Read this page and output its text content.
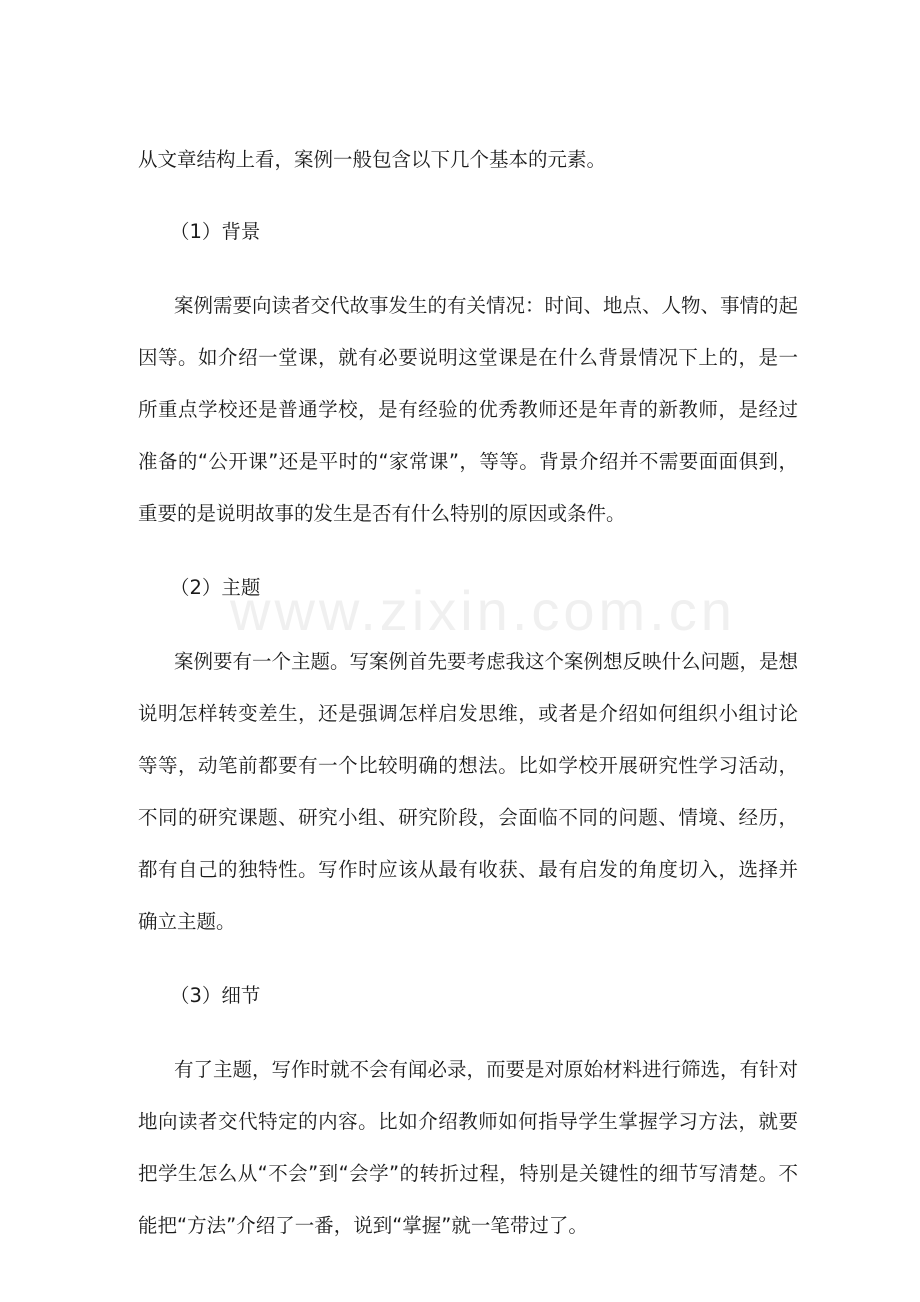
www.zixin.com.cn

从文章结构上看，案例一般包含以下几个基本的元素。

（1）背景

案例需要向读者交代故事发生的有关情况：时间、地点、人物、事情的起因等。如介绍一堂课，就有必要说明这堂课是在什么背景情况下上的，是一所重点学校还是普通学校，是有经验的优秀教师还是年青的新教师，是经过准备的“公开课”还是平时的“家常课”，等等。背景介绍并不需要面面俱到，重要的是说明故事的发生是否有什么特别的原因或条件。

（2）主题

案例要有一个主题。写案例首先要考虑我这个案例想反映什么问题，是想说明怎样转变差生，还是强调怎样启发思维，或者是介绍如何组织小组讨论等等，动笔前都要有一个比较明确的想法。比如学校开展研究性学习活动，不同的研究课题、研究小组、研究阶段，会面临不同的问题、情境、经历，都有自己的独特性。写作时应该从最有收获、最有启发的角度切入，选择并确立主题。

（3）细节

有了主题，写作时就不会有闻必录，而要是对原始材料进行筛选，有针对地向读者交代特定的内容。比如介绍教师如何指导学生掌握学习方法，就要把学生怎么从“不会”到“会学”的转折过程，特别是关键性的细节写清楚。不能把“方法”介绍了一番，说到“掌握”就一笔带过了。
